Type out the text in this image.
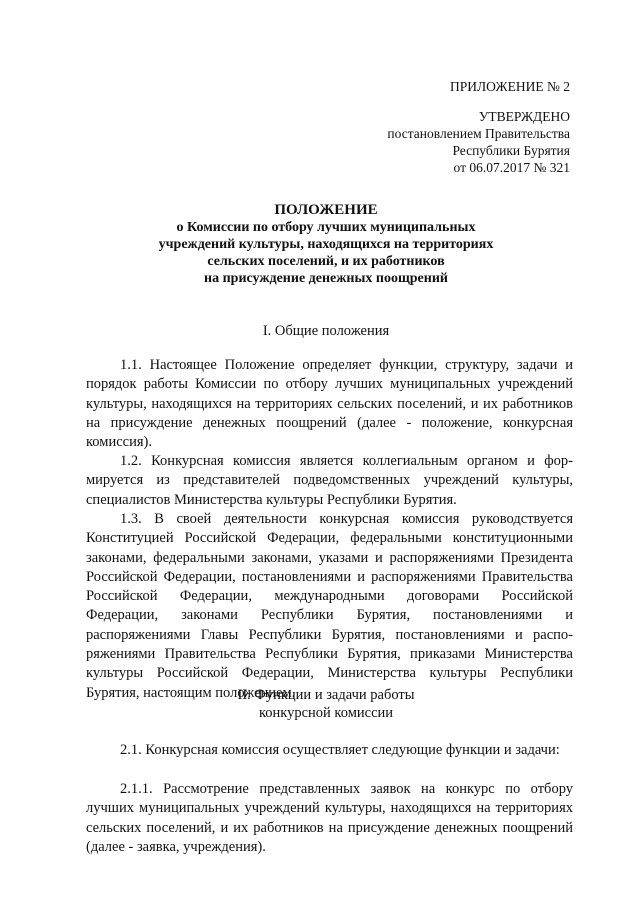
ПРИЛОЖЕНИЕ № 2
УТВЕРЖДЕНО
постановлением Правительства
Республики Бурятия
от 06.07.2017 № 321
ПОЛОЖЕНИЕ
о Комиссии по отбору лучших муниципальных
учреждений культуры, находящихся на территориях
сельских поселений, и их работников
на присуждение денежных поощрений
I. Общие положения

1.1. Настоящее Положение определяет функции, структуру, задачи и порядок работы Комиссии по отбору лучших муниципальных учреждений культуры, находящихся на территориях сельских поселений, и их работников на присуждение денежных поощрений (далее - положение, конкурсная комиссия).

1.2. Конкурсная комиссия является коллегиальным органом и формируется из представителей подведомственных учреждений культуры, специалистов Министерства культуры Республики Бурятия.

1.3. В своей деятельности конкурсная комиссия руководствуется Конституцией Российской Федерации, федеральными конституционными законами, федеральными законами, указами и распоряжениями Президента Российской Федерации, постановлениями и распоряжениями Правительства Российской Федерации, международными договорами Российской Федерации, законами Республики Бурятия, постановлениями и распоряжениями Главы Республики Бурятия, постановлениями и распоряжениями Правительства Республики Бурятия, приказами Министерства культуры Российской Федерации, Министерства культуры Республики Бурятия, настоящим положением.

II. Функции и задачи работы
конкурсной комиссии

2.1. Конкурсная комиссия осуществляет следующие функции и задачи:

2.1.1. Рассмотрение представленных заявок на конкурс по отбору лучших муниципальных учреждений культуры, находящихся на территориях сельских поселений, и их работников на присуждение денежных поощрений (далее - заявка, учреждения).
